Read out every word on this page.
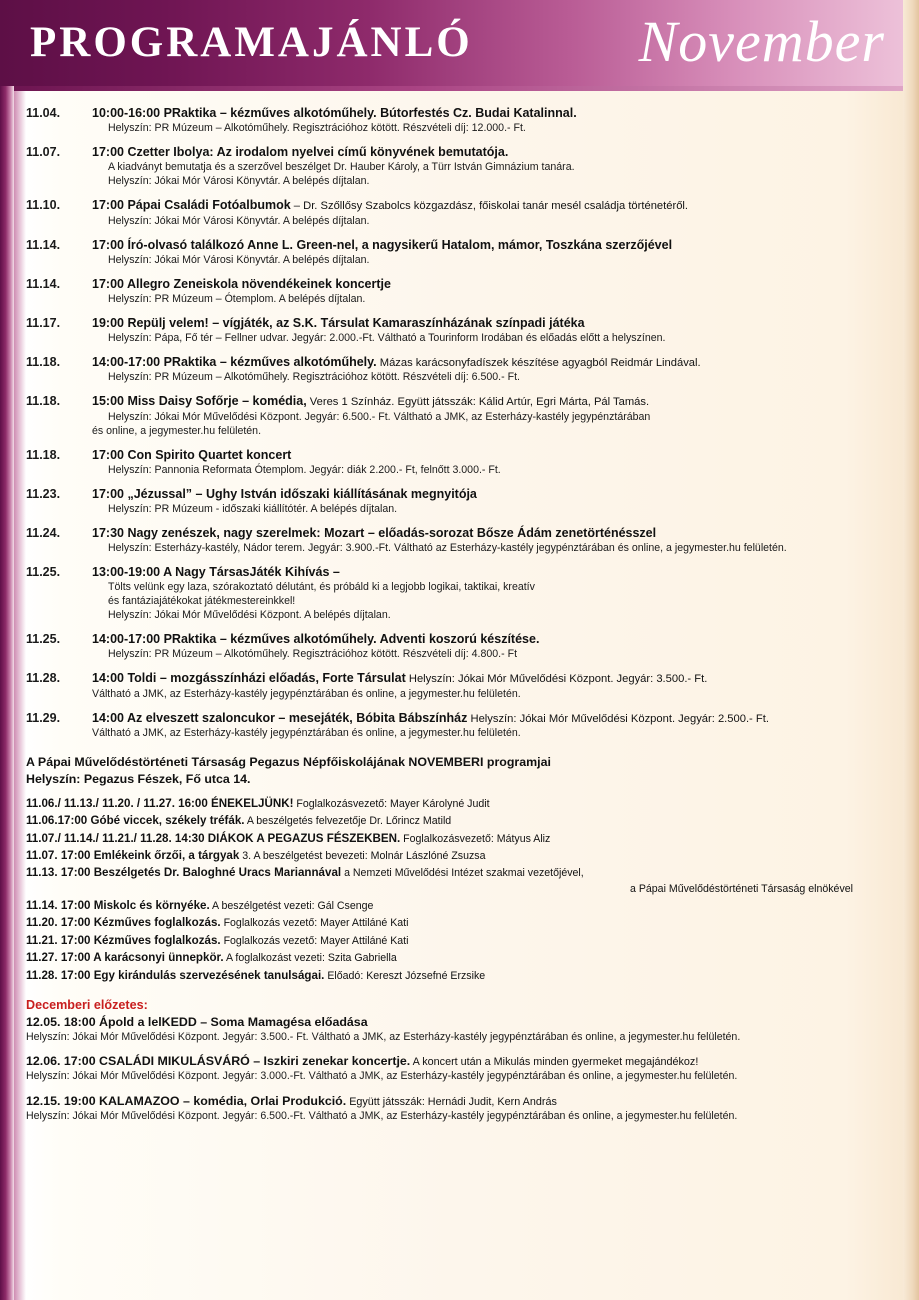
PROGRAMAJÁNLÓ	November
11.04.	10:00-16:00 PRaktika – kézműves alkotóműhely. Bútorfestés Cz. Budai Katalinnal.
Helyszín: PR Múzeum – Alkotóműhely. Regisztrációhoz kötött. Részvételi díj: 12.000.- Ft.
11.07.	17:00 Czetter Ibolya: Az irodalom nyelvei című könyvének bemutatója.
A kiadványt bemutatja és a szerzővel beszélget Dr. Hauber Károly, a Türr István Gimnázium tanára.
Helyszín: Jókai Mór Városi Könyvtár. A belépés díjtalan.
11.10.	17:00 Pápai Családi Fotóalbumok – Dr. Szőllősy Szabolcs közgazdász, főiskolai tanár mesél családja történetéről.
Helyszín: Jókai Mór Városi Könyvtár. A belépés díjtalan.
11.14.	17:00 Író-olvasó találkozó Anne L. Green-nel, a nagysikerű Hatalom, mámor, Toszkána szerzőjével
Helyszín: Jókai Mór Városi Könyvtár. A belépés díjtalan.
11.14.	17:00 Allegro Zeneiskola növendékeinek koncertje
Helyszín: PR Múzeum – Ótemplom. A belépés díjtalan.
11.17.	19:00 Repülj velem! – vígjáték, az S.K. Társulat Kamaraszínházának színpadi játéka
Helyszín: Pápa, Fő tér – Fellner udvar. Jegyár: 2.000.-Ft. Váltható a Tourinform Irodában és előadás előtt a helyszínen.
11.18.	14:00-17:00 PRaktika – kézműves alkotóműhely. Mázas karácsonyfadíszek készítése agyagból Reidmár Lindával.
Helyszín: PR Múzeum – Alkotóműhely. Regisztrációhoz kötött. Részvételi díj: 6.500.- Ft.
11.18.	15:00 Miss Daisy Sofőrje – komédia, Veres 1 Színház. Együtt játsszák: Kálid Artúr, Egri Márta, Pál Tamás.
Helyszín: Jókai Mór Művelődési Központ. Jegyár: 6.500.- Ft. Váltható a JMK, az Esterházy-kastély jegypénztárában
és online, a jegymester.hu felületén.
11.18.	17:00 Con Spirito Quartet koncert
Helyszín: Pannonia Reformata Ótemplom. Jegyár: diák 2.200.- Ft, felnőtt 3.000.- Ft.
11.23.	17:00 „Jézussal” – Ughy István időszaki kiállításának megnyitója
Helyszín: PR Múzeum - időszaki kiállítótér. A belépés díjtalan.
11.24.	17:30 Nagy zenészek, nagy szerelmek: Mozart – előadás-sorozat Bősze Ádám zenetörténésszel
Helyszín: Esterházy-kastély, Nádor terem. Jegyár: 3.900.-Ft. Váltható az Esterházy-kastély jegypénztárában és online, a jegymester.hu felületén.
11.25.	13:00-19:00 A Nagy TársasJáték Kihívás –
Tölts velünk egy laza, szórakoztató délutánt, és próbáld ki a legjobb logikai, taktikai, kreatív
és fantáziajátékokat játékmestereinkkel!
Helyszín: Jókai Mór Művelődési Központ. A belépés díjtalan.
11.25.	14:00-17:00 PRaktika – kézműves alkotóműhely. Adventi koszorú készítése.
Helyszín: PR Múzeum – Alkotóműhely. Regisztrációhoz kötött. Részvételi díj: 4.800.- Ft
11.28.	14:00 Toldi – mozgásszínházi előadás, Forte Társulat Helyszín: Jókai Mór Művelődési Központ. Jegyár: 3.500.- Ft.
Váltható a JMK, az Esterházy-kastély jegypénztárában és online, a jegymester.hu felületén.
11.29.	14:00 Az elveszett szaloncukor – mesejáték, Bóbita Bábszínház Helyszín: Jókai Mór Művelődési Központ. Jegyár: 2.500.- Ft.
Váltható a JMK, az Esterházy-kastély jegypénztárában és online, a jegymester.hu felületén.
A Pápai Művelődéstörténeti Társaság Pegazus Népfőiskolájának NOVEMBERI programjai
Helyszín: Pegazus Fészek, Fő utca 14.
11.06./ 11.13./ 11.20. / 11.27. 16:00 ÉNEKELJÜNK! Foglalkozásvezető: Mayer Károlyné Judit
11.06.17:00 Góbé viccek, székely tréfák. A beszélgetés felvezetője Dr. Lőrincz Matild
11.07./ 11.14./ 11.21./ 11.28. 14:30 DIÁKOK A PEGAZUS FÉSZEKBEN. Foglalkozásvezető: Mátyus Aliz
11.07. 17:00 Emlékeink őrzői, a tárgyak 3. A beszélgetést bevezeti: Molnár Lászlóné Zsuzsa
11.13. 17:00 Beszélgetés Dr. Baloghné Uracs Mariannával a Nemzeti Művelődési Intézet szakmai vezetőjével,
a Pápai Művelődéstörténeti Társaság elnökével
11.14. 17:00 Miskolc és környéke. A beszélgetést vezeti: Gál Csenge
11.20. 17:00 Kézműves foglalkozás. Foglalkozás vezető: Mayer Attiláné Kati
11.21. 17:00 Kézműves foglalkozás. Foglalkozás vezető: Mayer Attiláné Kati
11.27. 17:00 A karácsonyi ünnepkör. A foglalkozást vezeti: Szita Gabriella
11.28. 17:00 Egy kirándulás szervezésének tanulságai. Előadó: Kereszt Józsefné Erzsike
Decemberi előzetes:
12.05. 18:00 Ápold a lelKEDD – Soma Mamagésa előadása
Helyszín: Jókai Mór Művelődési Központ. Jegyár: 3.500.- Ft. Váltható a JMK, az Esterházy-kastély jegypénztárában és online, a jegymester.hu felületén.
12.06. 17:00 CSALÁDI MIKULÁSVÁRÓ – Iszkiri zenekar koncertje. A koncert után a Mikulás minden gyermeket megajándékoz!
Helyszín: Jókai Mór Művelődési Központ. Jegyár: 3.000.-Ft. Váltható a JMK, az Esterházy-kastély jegypénztárában és online, a jegymester.hu felületén.
12.15. 19:00 KALAMAZOO – komédia, Orlai Produkció. Együtt játsszák: Hernádi Judit, Kern András
Helyszín: Jókai Mór Művelődési Központ. Jegyár: 6.500.-Ft. Váltható a JMK, az Esterházy-kastély jegypénztárában és online, a jegymester.hu felületén.
